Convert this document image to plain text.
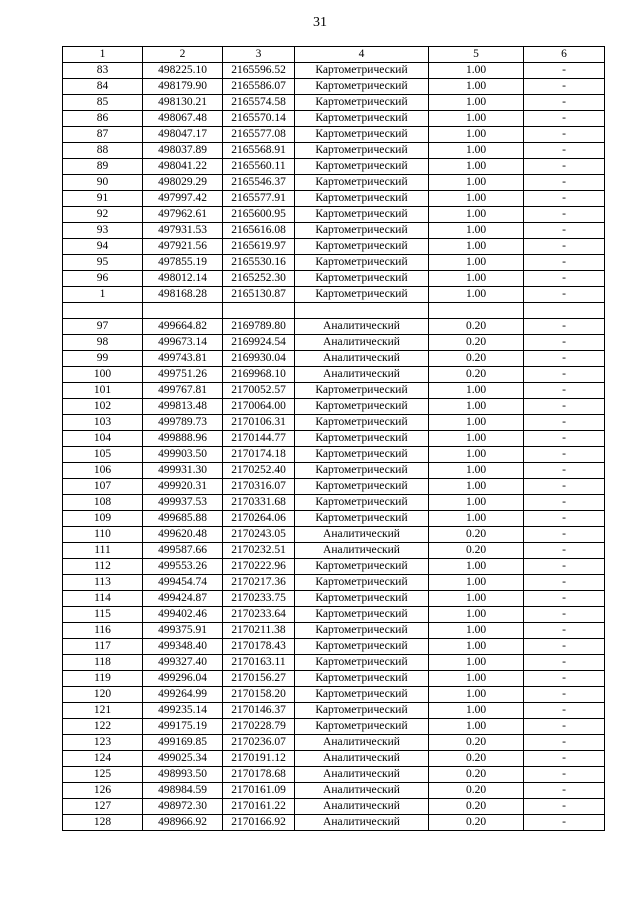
31
1	2	3	4	5	6
83	498225.10	2165596.52	Картометрический	1.00	-
84	498179.90	2165586.07	Картометрический	1.00	-
85	498130.21	2165574.58	Картометрический	1.00	-
86	498067.48	2165570.14	Картометрический	1.00	-
87	498047.17	2165577.08	Картометрический	1.00	-
88	498037.89	2165568.91	Картометрический	1.00	-
89	498041.22	2165560.11	Картометрический	1.00	-
90	498029.29	2165546.37	Картометрический	1.00	-
91	497997.42	2165577.91	Картометрический	1.00	-
92	497962.61	2165600.95	Картометрический	1.00	-
93	497931.53	2165616.08	Картометрический	1.00	-
94	497921.56	2165619.97	Картометрический	1.00	-
95	497855.19	2165530.16	Картометрический	1.00	-
96	498012.14	2165252.30	Картометрический	1.00	-
1	498168.28	2165130.87	Картометрический	1.00	-

97	499664.82	2169789.80	Аналитический	0.20	-
98	499673.14	2169924.54	Аналитический	0.20	-
99	499743.81	2169930.04	Аналитический	0.20	-
100	499751.26	2169968.10	Аналитический	0.20	-
101	499767.81	2170052.57	Картометрический	1.00	-
102	499813.48	2170064.00	Картометрический	1.00	-
103	499789.73	2170106.31	Картометрический	1.00	-
104	499888.96	2170144.77	Картометрический	1.00	-
105	499903.50	2170174.18	Картометрический	1.00	-
106	499931.30	2170252.40	Картометрический	1.00	-
107	499920.31	2170316.07	Картометрический	1.00	-
108	499937.53	2170331.68	Картометрический	1.00	-
109	499685.88	2170264.06	Картометрический	1.00	-
110	499620.48	2170243.05	Аналитический	0.20	-
111	499587.66	2170232.51	Аналитический	0.20	-
112	499553.26	2170222.96	Картометрический	1.00	-
113	499454.74	2170217.36	Картометрический	1.00	-
114	499424.87	2170233.75	Картометрический	1.00	-
115	499402.46	2170233.64	Картометрический	1.00	-
116	499375.91	2170211.38	Картометрический	1.00	-
117	499348.40	2170178.43	Картометрический	1.00	-
118	499327.40	2170163.11	Картометрический	1.00	-
119	499296.04	2170156.27	Картометрический	1.00	-
120	499264.99	2170158.20	Картометрический	1.00	-
121	499235.14	2170146.37	Картометрический	1.00	-
122	499175.19	2170228.79	Картометрический	1.00	-
123	499169.85	2170236.07	Аналитический	0.20	-
124	499025.34	2170191.12	Аналитический	0.20	-
125	498993.50	2170178.68	Аналитический	0.20	-
126	498984.59	2170161.09	Аналитический	0.20	-
127	498972.30	2170161.22	Аналитический	0.20	-
128	498966.92	2170166.92	Аналитический	0.20	-
